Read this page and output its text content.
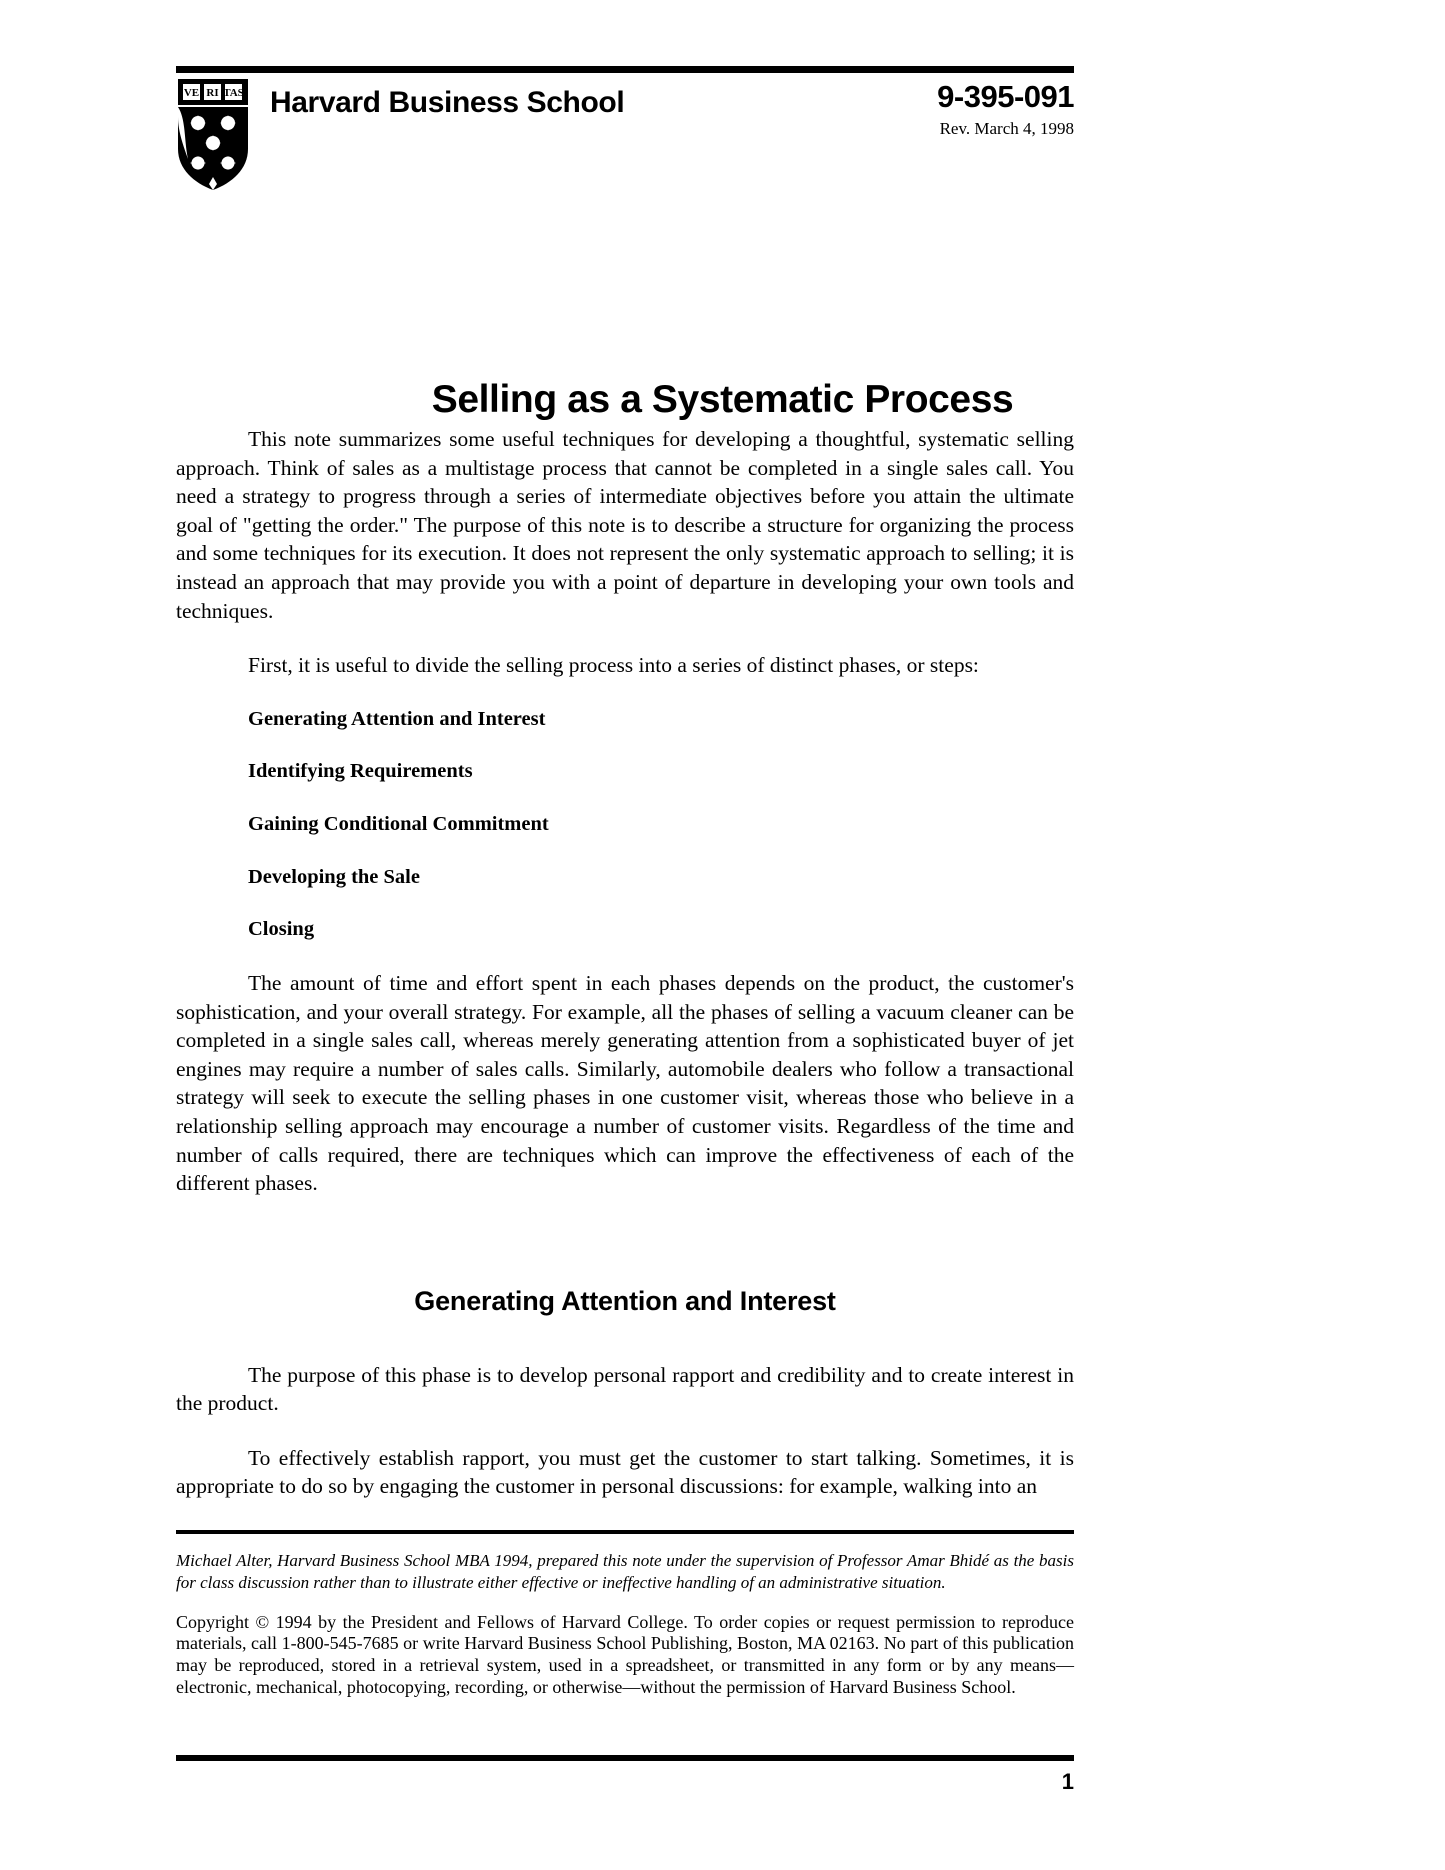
VE RI TAS Harvard Business School	9-395-091
Rev. March 4, 1998
Selling as a Systematic Process

This note summarizes some useful techniques for developing a thoughtful, systematic selling approach. Think of sales as a multistage process that cannot be completed in a single sales call. You need a strategy to progress through a series of intermediate objectives before you attain the ultimate goal of "getting the order." The purpose of this note is to describe a structure for organizing the process and some techniques for its execution. It does not represent the only systematic approach to selling; it is instead an approach that may provide you with a point of departure in developing your own tools and techniques.

First, it is useful to divide the selling process into a series of distinct phases, or steps:

Generating Attention and Interest
Identifying Requirements
Gaining Conditional Commitment
Developing the Sale
Closing

The amount of time and effort spent in each phases depends on the product, the customer's sophistication, and your overall strategy. For example, all the phases of selling a vacuum cleaner can be completed in a single sales call, whereas merely generating attention from a sophisticated buyer of jet engines may require a number of sales calls. Similarly, automobile dealers who follow a transactional strategy will seek to execute the selling phases in one customer visit, whereas those who believe in a relationship selling approach may encourage a number of customer visits. Regardless of the time and number of calls required, there are techniques which can improve the effectiveness of each of the different phases.

Generating Attention and Interest

The purpose of this phase is to develop personal rapport and credibility and to create interest in the product.

To effectively establish rapport, you must get the customer to start talking. Sometimes, it is appropriate to do so by engaging the customer in personal discussions: for example, walking into an

Michael Alter, Harvard Business School MBA 1994, prepared this note under the supervision of Professor Amar Bhidé as the basis for class discussion rather than to illustrate either effective or ineffective handling of an administrative situation.

Copyright © 1994 by the President and Fellows of Harvard College. To order copies or request permission to reproduce materials, call 1-800-545-7685 or write Harvard Business School Publishing, Boston, MA 02163. No part of this publication may be reproduced, stored in a retrieval system, used in a spreadsheet, or transmitted in any form or by any means—electronic, mechanical, photocopying, recording, or otherwise—without the permission of Harvard Business School.

1
